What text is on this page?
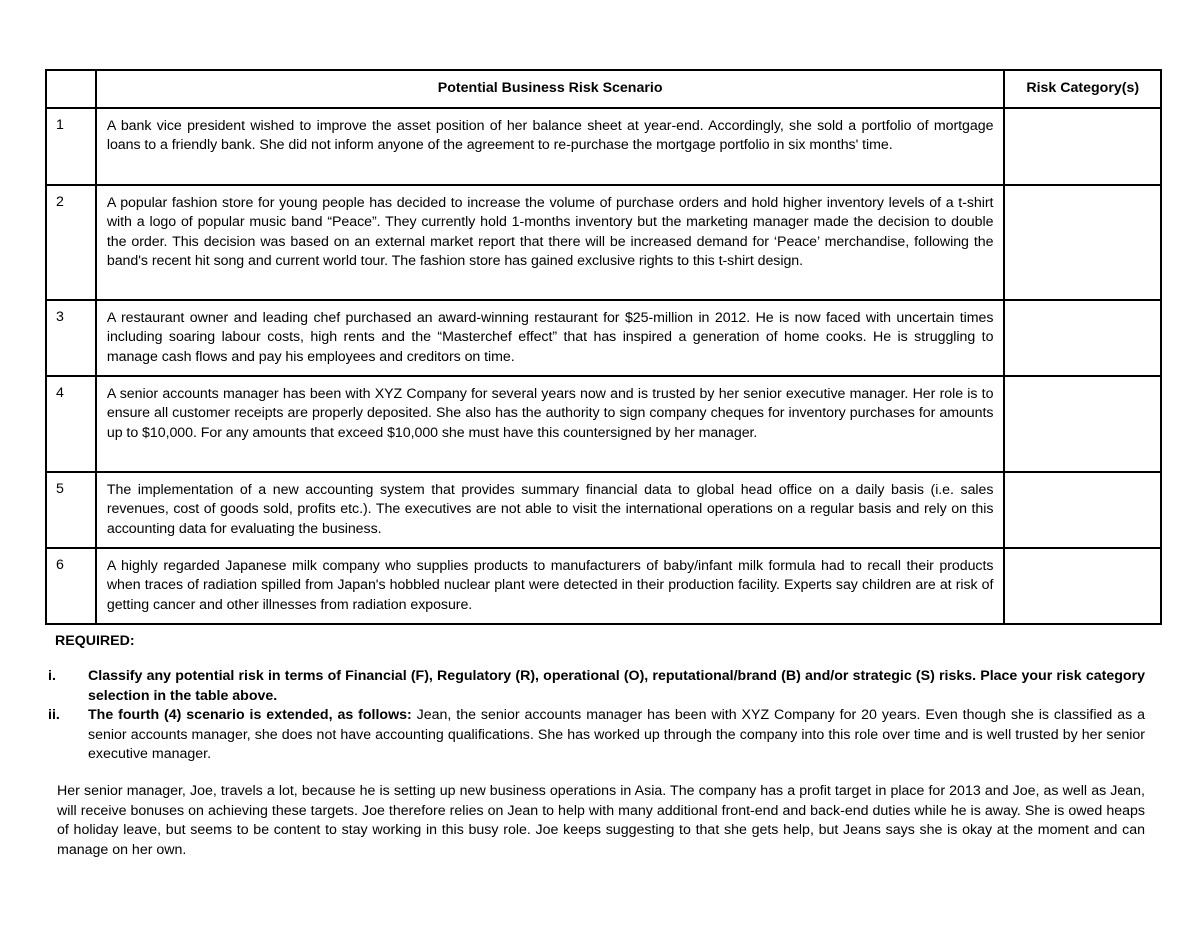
	Potential Business Risk Scenario	Risk Category(s)
1	A bank vice president wished to improve the asset position of her balance sheet at year-end. Accordingly, she sold a portfolio of mortgage loans to a friendly bank. She did not inform anyone of the agreement to re-purchase the mortgage portfolio in six months' time.	
2	A popular fashion store for young people has decided to increase the volume of purchase orders and hold higher inventory levels of a t-shirt with a logo of popular music band “Peace”. They currently hold 1-months inventory but the marketing manager made the decision to double the order. This decision was based on an external market report that there will be increased demand for ‘Peace’ merchandise, following the band's recent hit song and current world tour. The fashion store has gained exclusive rights to this t-shirt design.	
3	A restaurant owner and leading chef purchased an award-winning restaurant for $25-million in 2012. He is now faced with uncertain times including soaring labour costs, high rents and the “Masterchef effect” that has inspired a generation of home cooks. He is struggling to manage cash flows and pay his employees and creditors on time.	
4	A senior accounts manager has been with XYZ Company for several years now and is trusted by her senior executive manager. Her role is to ensure all customer receipts are properly deposited. She also has the authority to sign company cheques for inventory purchases for amounts up to $10,000. For any amounts that exceed $10,000 she must have this countersigned by her manager.	
5	The implementation of a new accounting system that provides summary financial data to global head office on a daily basis (i.e. sales revenues, cost of goods sold, profits etc.). The executives are not able to visit the international operations on a regular basis and rely on this accounting data for evaluating the business.	
6	A highly regarded Japanese milk company who supplies products to manufacturers of baby/infant milk formula had to recall their products when traces of radiation spilled from Japan's hobbled nuclear plant were detected in their production facility. Experts say children are at risk of getting cancer and other illnesses from radiation exposure.	
REQUIRED:
i. Classify any potential risk in terms of Financial (F), Regulatory (R), operational (O), reputational/brand (B) and/or strategic (S) risks. Place your risk category selection in the table above.
ii. The fourth (4) scenario is extended, as follows: Jean, the senior accounts manager has been with XYZ Company for 20 years. Even though she is classified as a senior accounts manager, she does not have accounting qualifications. She has worked up through the company into this role over time and is well trusted by her senior executive manager.

Her senior manager, Joe, travels a lot, because he is setting up new business operations in Asia. The company has a profit target in place for 2013 and Joe, as well as Jean, will receive bonuses on achieving these targets. Joe therefore relies on Jean to help with many additional front-end and back-end duties while he is away. She is owed heaps of holiday leave, but seems to be content to stay working in this busy role. Joe keeps suggesting to that she gets help, but Jeans says she is okay at the moment and can manage on her own.
